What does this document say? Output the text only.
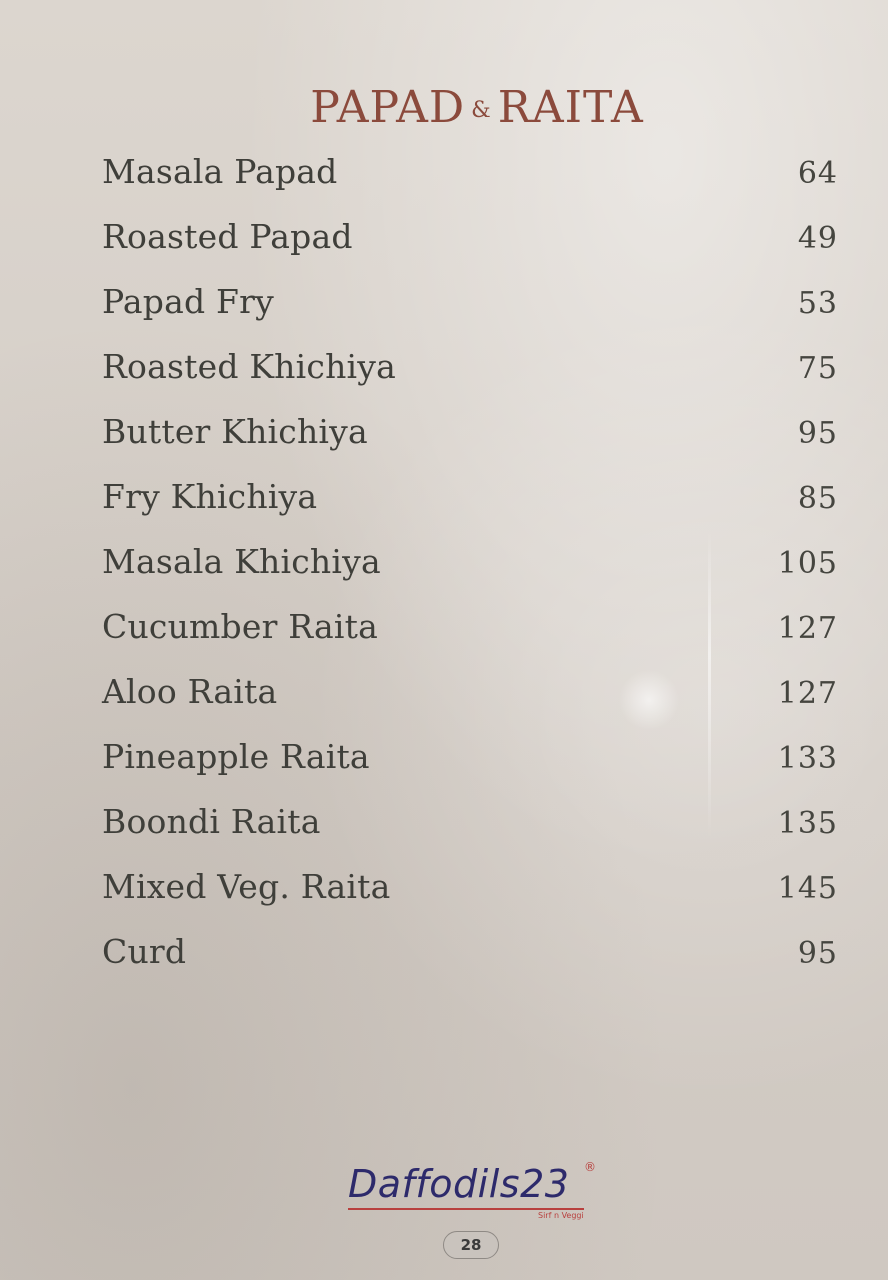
PAPAD & RAITA
Masala Papad	64
Roasted Papad	49
Papad Fry	53
Roasted Khichiya	75
Butter Khichiya	95
Fry Khichiya	85
Masala Khichiya	105
Cucumber Raita	127
Aloo Raita	127
Pineapple Raita	133
Boondi Raita	135
Mixed Veg. Raita	145
Curd	95
Daffodils23	®
Sirf n Veggi
28
